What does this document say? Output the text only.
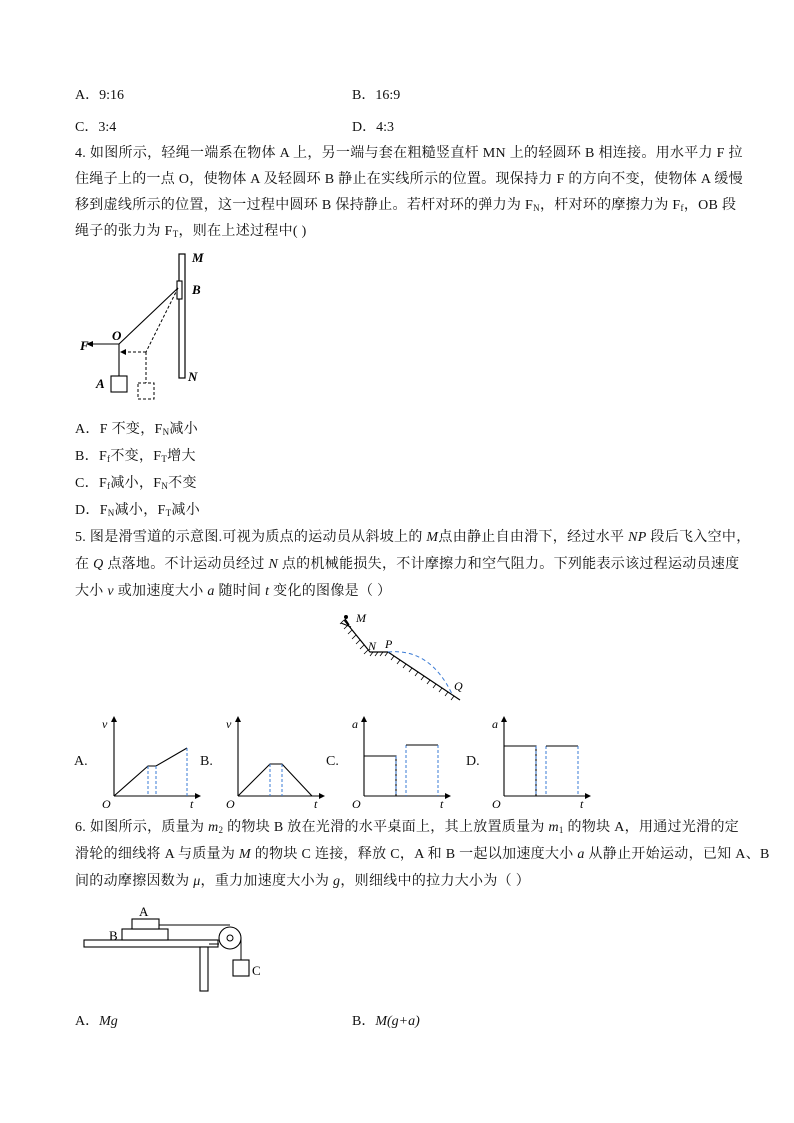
A．9:16	B．16:9
C．3:4	D．4:3
4. 如图所示，轻绳一端系在物体 A 上，另一端与套在粗糙竖直杆 MN 上的轻圆环 B 相连接。用水平力 F 拉
住绳子上的一点 O，使物体 A 及轻圆环 B 静止在实线所示的位置。现保持力 F 的方向不变，使物体 A 缓慢
移到虚线所示的位置，这一过程中圆环 B 保持静止。若杆对环的弹力为 $F_N$，杆对环的摩擦力为 $F_f$，OB 段
绳子的张力为 $F_T$，则在上述过程中( )
M
B
F
O
A	N
A．F 不变，$F_N$减小
B．$F_f$不变，$F_T$增大
C．$F_f$减小，$F_N$不变
D．$F_N$减小，$F_T$减小
5. 图是滑雪道的示意图.可视为质点的运动员从斜坡上的 M点由静止自由滑下，经过水平 NP 段后飞入空中，
在 Q 点落地。不计运动员经过 N 点的机械能损失，不计摩擦力和空气阻力。下列能表示该过程运动员速度
大小 v 或加速度大小 a 随时间 t 变化的图像是（ ）
M
N P
Q
A.
v
O	t
B.
v
O	t
C.
a
O	t
D.
a
O	t
6. 如图所示，质量为 $m_2$ 的物块 B 放在光滑的水平桌面上，其上放置质量为 $m_1$ 的物块 A，用通过光滑的定
滑轮的细线将 A 与质量为 M 的物块 C 连接，释放 C，A 和 B 一起以加速度大小 a 从静止开始运动，已知 A、B
间的动摩擦因数为 μ，重力加速度大小为 g，则细线中的拉力大小为（ ）
A
B
C
A．Mg	B．M(g+a)
